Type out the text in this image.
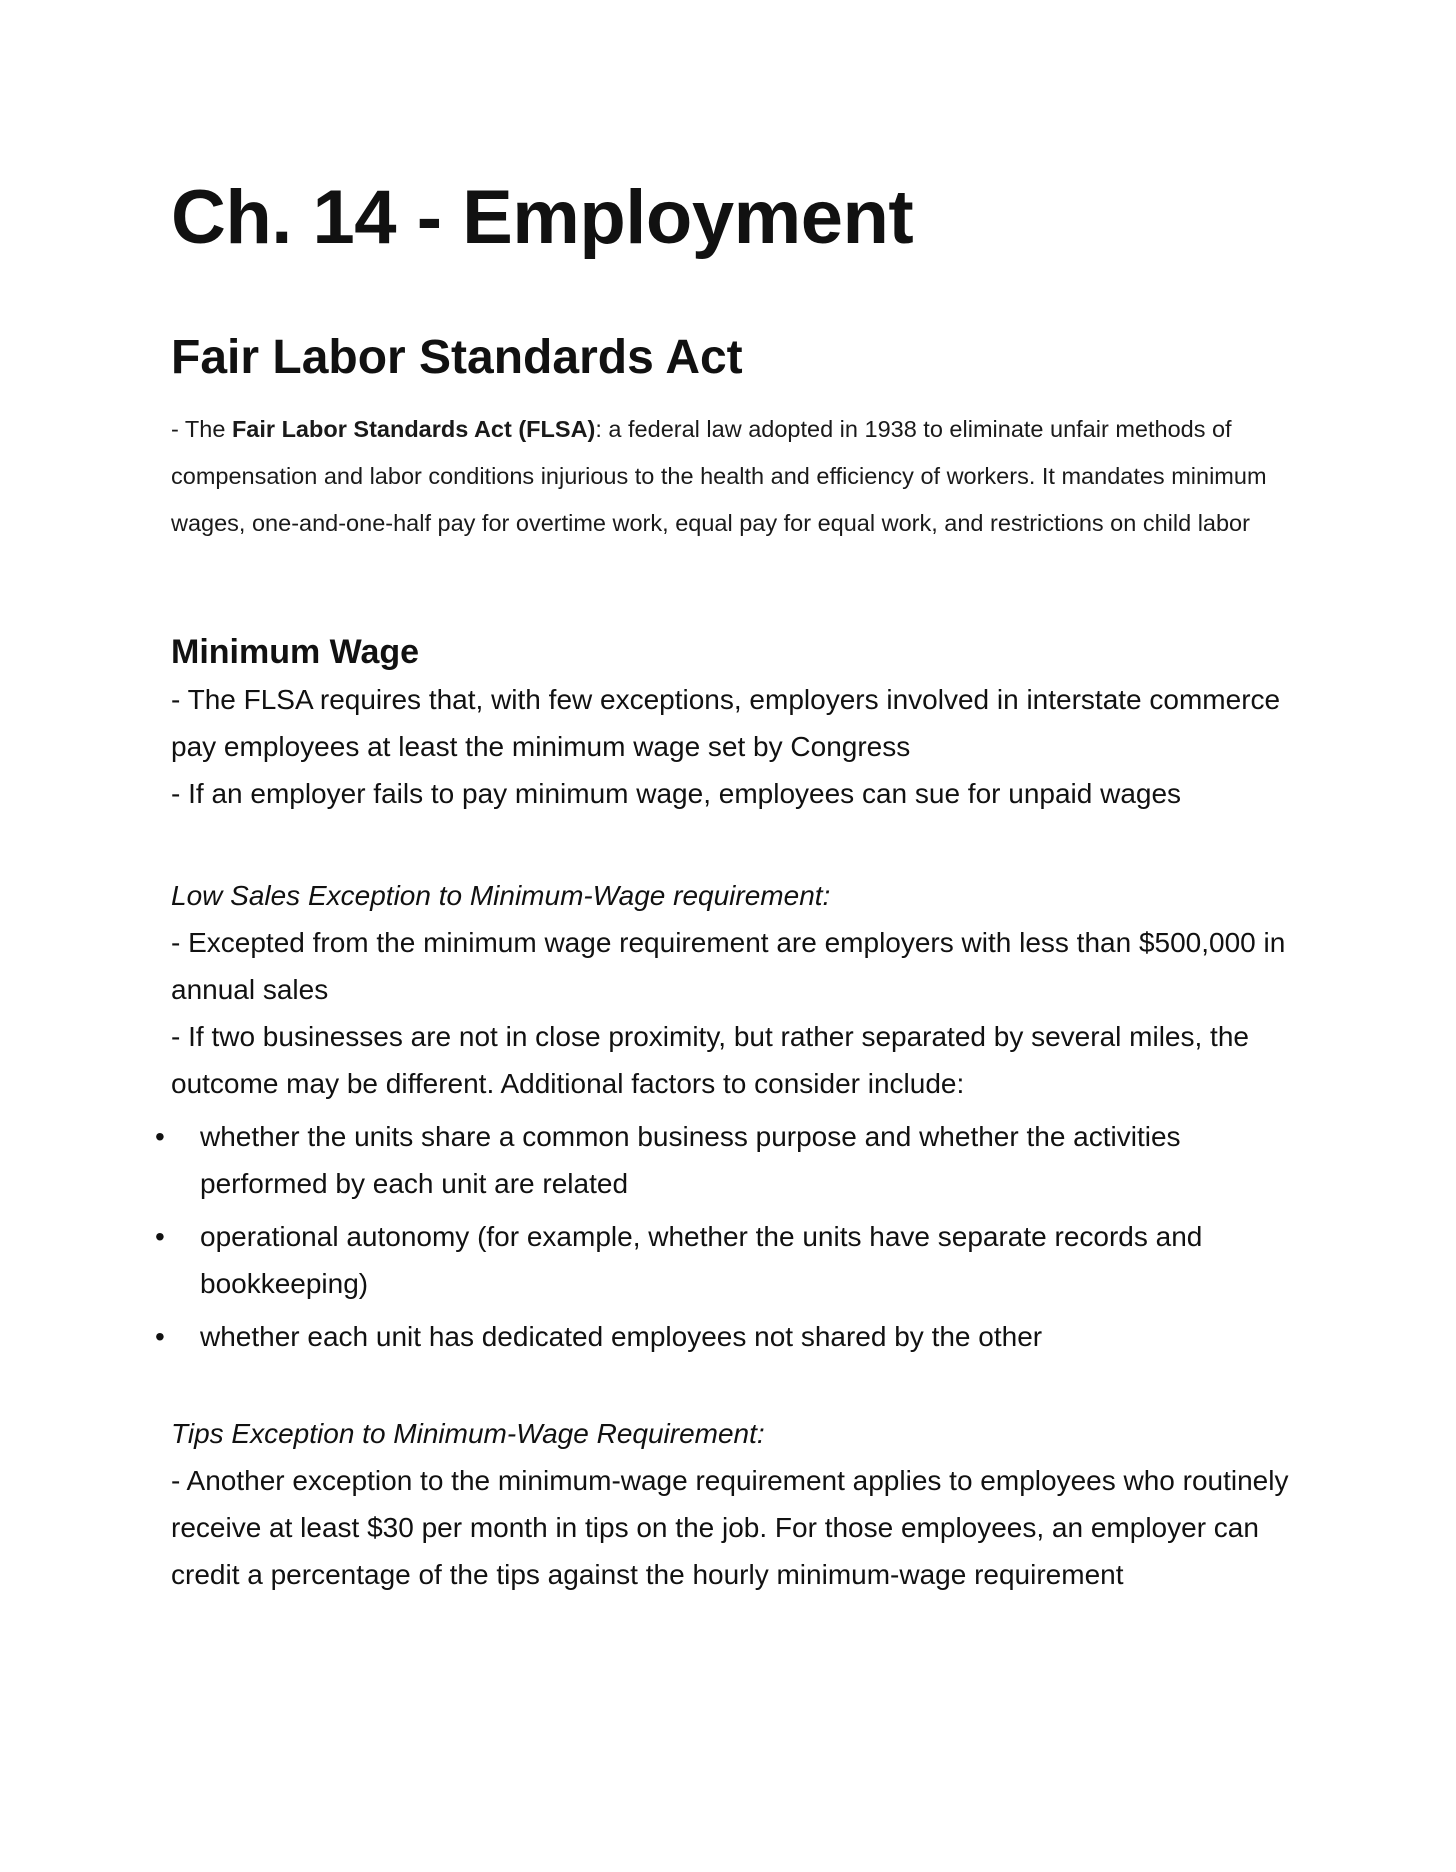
Ch. 14 - Employment
Fair Labor Standards Act

- The Fair Labor Standards Act (FLSA): a federal law adopted in 1938 to eliminate unfair methods of compensation and labor conditions injurious to the health and efficiency of workers. It mandates minimum wages, one-and-one-half pay for overtime work, equal pay for equal work, and restrictions on child labor

Minimum Wage

- The FLSA requires that, with few exceptions, employers involved in interstate commerce pay employees at least the minimum wage set by Congress

- If an employer fails to pay minimum wage, employees can sue for unpaid wages

Low Sales Exception to Minimum-Wage requirement:

- Excepted from the minimum wage requirement are employers with less than $500,000 in annual sales

- If two businesses are not in close proximity, but rather separated by several miles, the outcome may be different. Additional factors to consider include:

• whether the units share a common business purpose and whether the activities performed by each unit are related
• operational autonomy (for example, whether the units have separate records and bookkeeping)
• whether each unit has dedicated employees not shared by the other

Tips Exception to Minimum-Wage Requirement:

- Another exception to the minimum-wage requirement applies to employees who routinely receive at least $30 per month in tips on the job. For those employees, an employer can credit a percentage of the tips against the hourly minimum-wage requirement
